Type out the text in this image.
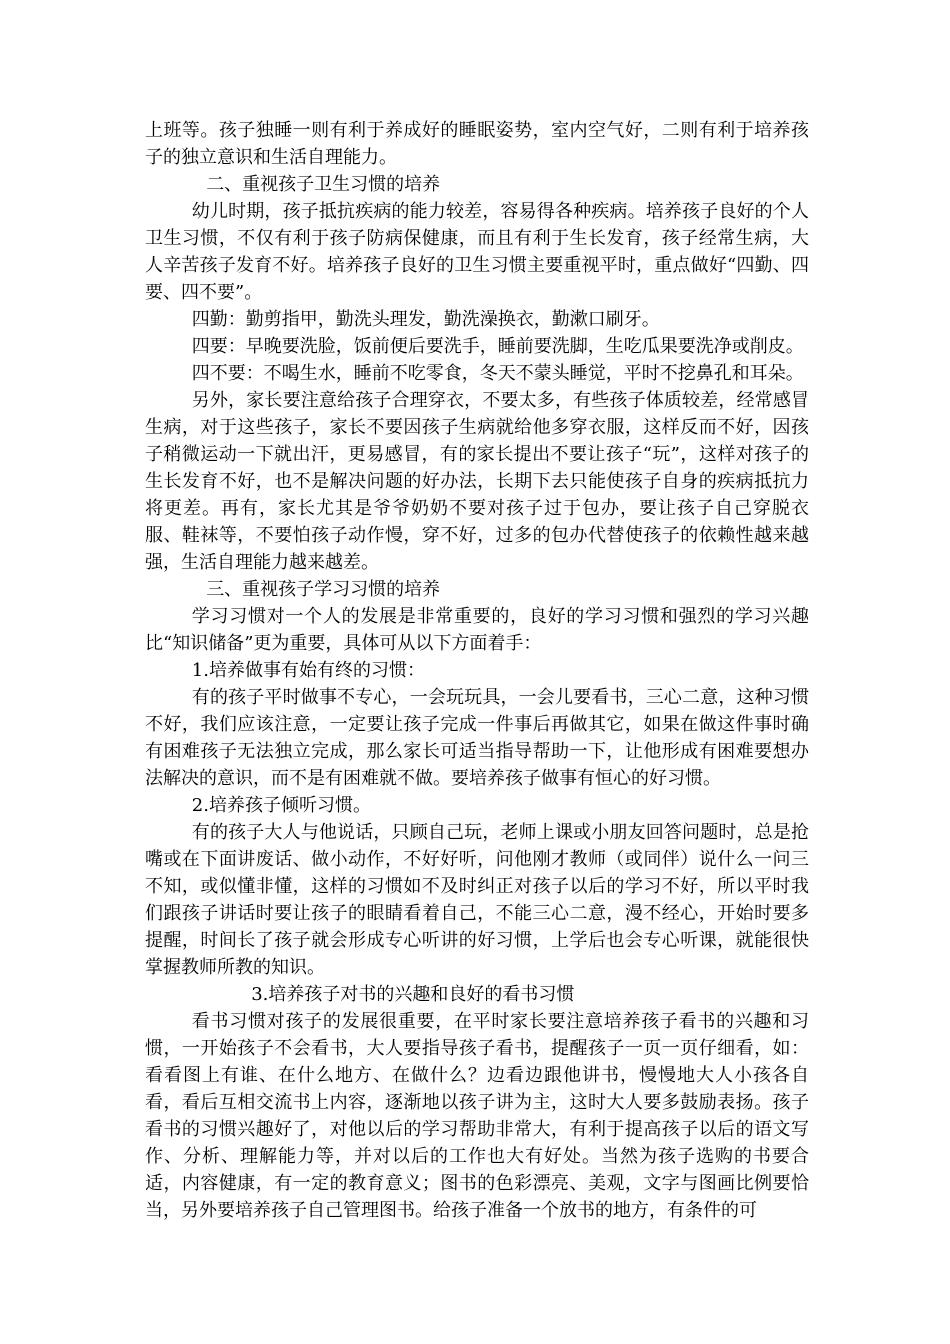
上班等。孩子独睡一则有利于养成好的睡眠姿势，室内空气好，二则有利于培养孩子的独立意识和生活自理能力。

二、重视孩子卫生习惯的培养

幼儿时期，孩子抵抗疾病的能力较差，容易得各种疾病。培养孩子良好的个人卫生习惯，不仅有利于孩子防病保健康，而且有利于生长发育，孩子经常生病，大人辛苦孩子发育不好。培养孩子良好的卫生习惯主要重视平时，重点做好“四勤、四要、四不要”。

四勤：勤剪指甲，勤洗头理发，勤洗澡换衣，勤漱口刷牙。

四要：早晚要洗脸，饭前便后要洗手，睡前要洗脚，生吃瓜果要洗净或削皮。

四不要：不喝生水，睡前不吃零食，冬天不蒙头睡觉，平时不挖鼻孔和耳朵。

另外，家长要注意给孩子合理穿衣，不要太多，有些孩子体质较差，经常感冒生病，对于这些孩子，家长不要因孩子生病就给他多穿衣服，这样反而不好，因孩子稍微运动一下就出汗，更易感冒，有的家长提出不要让孩子“玩”，这样对孩子的生长发育不好，也不是解决问题的好办法，长期下去只能使孩子自身的疾病抵抗力将更差。再有，家长尤其是爷爷奶奶不要对孩子过于包办，要让孩子自己穿脱衣服、鞋袜等，不要怕孩子动作慢，穿不好，过多的包办代替使孩子的依赖性越来越强，生活自理能力越来越差。

三、重视孩子学习习惯的培养

学习习惯对一个人的发展是非常重要的，良好的学习习惯和强烈的学习兴趣比“知识储备”更为重要，具体可从以下方面着手：

1.培养做事有始有终的习惯：

有的孩子平时做事不专心，一会玩玩具，一会儿要看书，三心二意，这种习惯不好，我们应该注意，一定要让孩子完成一件事后再做其它，如果在做这件事时确有困难孩子无法独立完成，那么家长可适当指导帮助一下，让他形成有困难要想办法解决的意识，而不是有困难就不做。要培养孩子做事有恒心的好习惯。

2.培养孩子倾听习惯。

有的孩子大人与他说话，只顾自己玩，老师上课或小朋友回答问题时，总是抢嘴或在下面讲废话、做小动作，不好好听，问他刚才教师（或同伴）说什么一问三不知，或似懂非懂，这样的习惯如不及时纠正对孩子以后的学习不好，所以平时我们跟孩子讲话时要让孩子的眼睛看着自己，不能三心二意，漫不经心，开始时要多提醒，时间长了孩子就会形成专心听讲的好习惯，上学后也会专心听课，就能很快掌握教师所教的知识。

3.培养孩子对书的兴趣和良好的看书习惯

看书习惯对孩子的发展很重要，在平时家长要注意培养孩子看书的兴趣和习惯，一开始孩子不会看书，大人要指导孩子看书，提醒孩子一页一页仔细看，如：看看图上有谁、在什么地方、在做什么？边看边跟他讲书，慢慢地大人小孩各自看，看后互相交流书上内容，逐渐地以孩子讲为主，这时大人要多鼓励表扬。孩子看书的习惯兴趣好了，对他以后的学习帮助非常大，有利于提高孩子以后的语文写作、分析、理解能力等，并对以后的工作也大有好处。当然为孩子选购的书要合适，内容健康，有一定的教育意义；图书的色彩漂亮、美观，文字与图画比例要恰当，另外要培养孩子自己管理图书。给孩子准备一个放书的地方，有条件的可
